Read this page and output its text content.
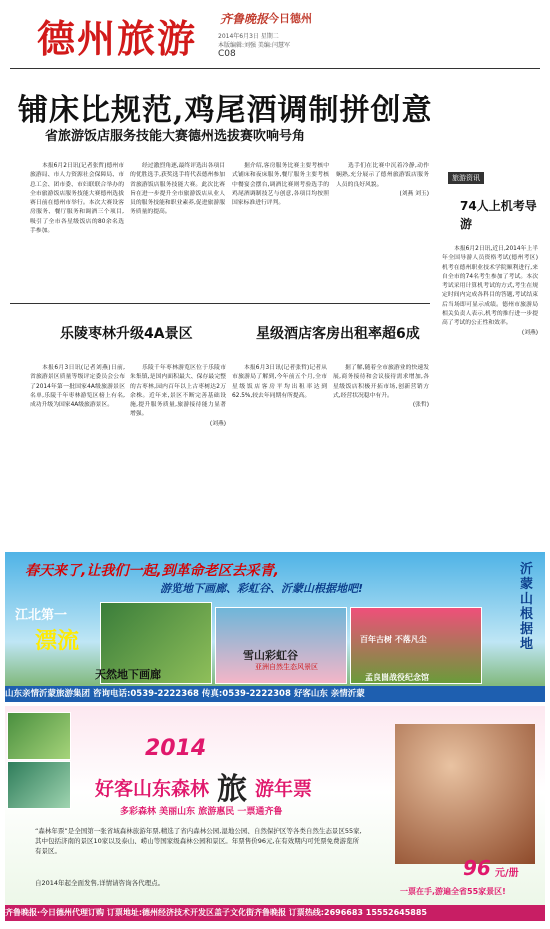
德州旅游 齐鲁晚报 今日德州
2014年6月3日 星期二
本版编辑:刘强 美编:闫慧军
C08
铺床比规范,鸡尾酒调制拼创意
省旅游饭店服务技能大赛德州选拔赛吹响号角

本报6月2日讯(记者张哲)德州市旅游局、市人力资源社会保障局、市总工会、团市委、市妇联联合举办的全市旅游饭店服务技能大赛德州选拔赛日前在德州市举行。本次大赛设客房服务、餐厅服务和调酒三个项目,吸引了全市各星级饭店的80余名选手参加。

经过激烈角逐,最终评选出各项目的优胜选手,获奖选手将代表德州参加省旅游饭店服务技能大赛。此次比赛旨在进一步提升全市旅游饭店从业人员的服务技能和职业素养,促进旅游服务质量的提高。

据介绍,客房服务比赛主要考核中式铺床和夜床服务,餐厅服务主要考核中餐宴会摆台,调酒比赛则考验选手的鸡尾酒调制技艺与创意,各项目均按照国家标准进行评判。

选手们在比赛中沉着冷静,动作娴熟,充分展示了德州旅游饭店服务人员的良好风貌。

(刘燕 刘玉)
乐陵枣林升级4A景区

本报6月3日讯(记者刘燕)日前,省旅游景区质量等级评定委员会公布了2014年第一批国家4A级旅游景区名单,乐陵千年枣林游览区榜上有名,成功升级为国家4A级旅游景区。

乐陵千年枣林游览区位于乐陵市朱集镇,是国内面积最大、保存最完整的古枣林,园内百年以上古枣树达2万余株。近年来,景区不断完善基础设施,提升服务质量,旅游接待能力显著增强。

(刘燕)
星级酒店客房出租率超6成

本报6月3日讯(记者张哲)记者从市旅游局了解到,今年前五个月,全市星级饭店客房平均出租率达到62.5%,较去年同期有所提高。

据了解,随着全市旅游业的快速发展,商务接待和会议接待需求增加,各星级饭店积极开拓市场,创新营销方式,经营状况稳中有升。

(张哲)
旅游资讯
74人上机考导游

本报6月2日讯,近日,2014年上半年全国导游人员资格考试(德州考区)机考在德州职业技术学院顺利进行,来自全市的74名考生参加了考试。本次考试采用计算机考试的方式,考生在规定时间内完成各科目的答题,考试结束后当场即可显示成绩。德州市旅游局相关负责人表示,机考的推行进一步提高了考试的公正性和效率。

(刘燕)
春天来了,让我们一起,到革命老区去采青,
游览地下画廊、彩虹谷、沂蒙山根据地吧!
江北第一
漂流
天然地下画廊
雪山彩虹谷
亚洲自然生态风景区
百年古树 不落凡尘
孟良崮战役纪念馆
沂蒙山根据地
山东亲情沂蒙旅游集团 咨询电话:0539-2222368 传真:0539-2222308 好客山东 亲情沂蒙
2014
好客山东森林 旅 游年票
多彩森林 美丽山东 旅游惠民 一票通齐鲁
“森林年票”是全国第一张省域森林旅游年票,精选了省内森林公园,湿地公园、自然保护区等各类自然生态景区55家,其中包括济南的景区10家以及泰山、崂山等国家级森林公园和景区。年票售价96元,在有效期内可凭票免费游览所有景区。
自2014年起全面发售,详情请咨询各代理点。
96 元/册
一票在手,游遍全省55家景区!
齐鲁晚报·今日德州代理订购 订票地址:德州经济技术开发区盖子文化街齐鲁晚报 订票热线:2696683 15552645885
